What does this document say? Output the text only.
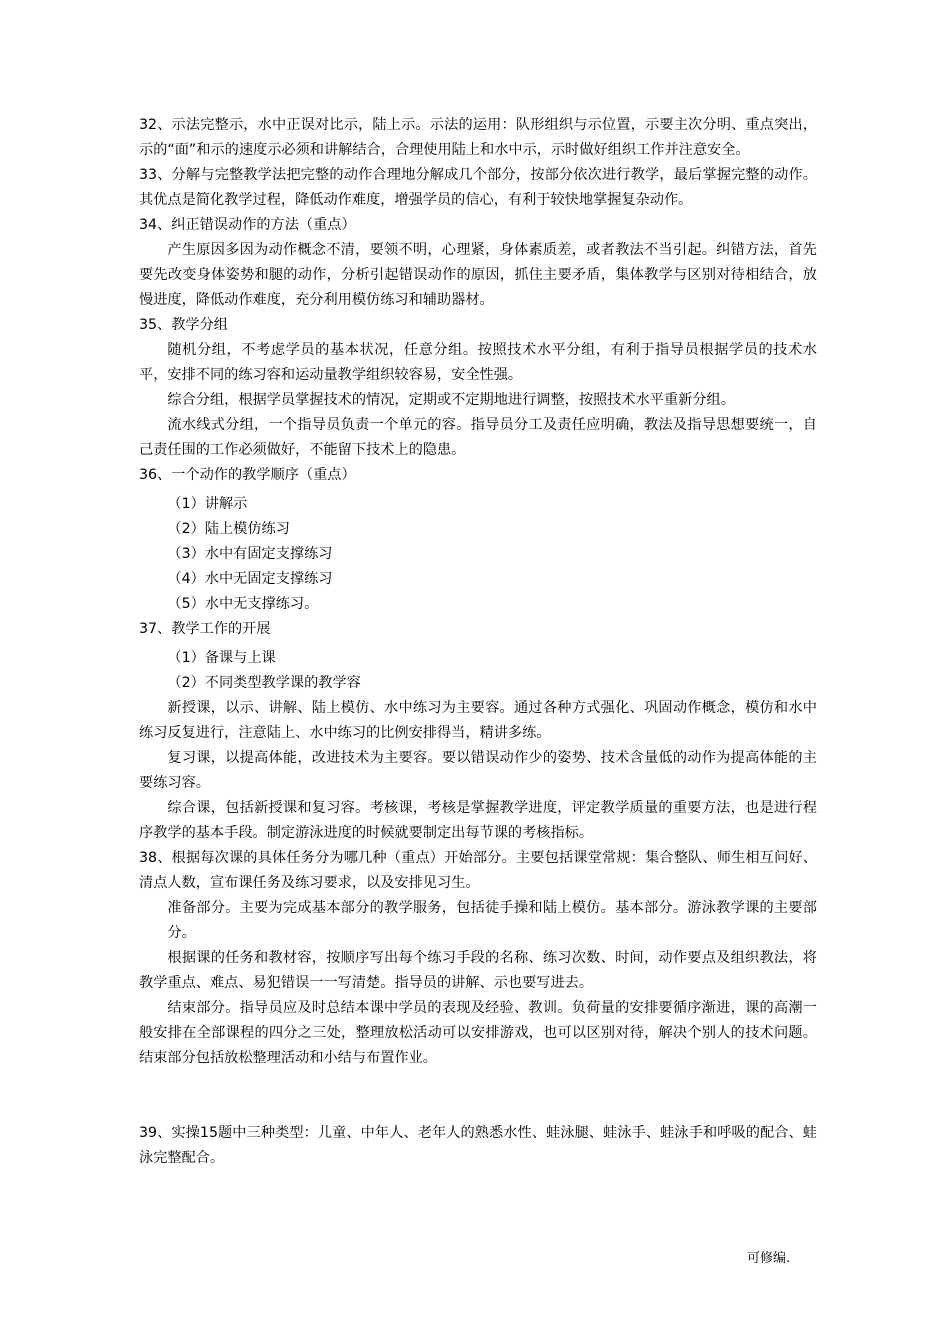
32、示法完整示，水中正误对比示，陆上示。示法的运用：队形组织与示位置，示要主次分明、重点突出，示的“面”和示的速度示必须和讲解结合，合理使用陆上和水中示，示时做好组织工作并注意安全。

33、分解与完整教学法把完整的动作合理地分解成几个部分，按部分依次进行教学，最后掌握完整的动作。其优点是简化教学过程，降低动作难度，增强学员的信心，有利于较快地掌握复杂动作。

34、纠正错误动作的方法（重点）

产生原因多因为动作概念不清，要领不明，心理紧，身体素质差，或者教法不当引起。纠错方法，首先要先改变身体姿势和腿的动作，分析引起错误动作的原因，抓住主要矛盾，集体教学与区别对待相结合，放慢进度，降低动作难度，充分利用模仿练习和辅助器材。

35、教学分组

随机分组，不考虑学员的基本状况，任意分组。按照技术水平分组，有利于指导员根据学员的技术水平，安排不同的练习容和运动量教学组织较容易，安全性强。

综合分组，根据学员掌握技术的情况，定期或不定期地进行调整，按照技术水平重新分组。

流水线式分组，一个指导员负责一个单元的容。指导员分工及责任应明确，教法及指导思想要统一，自己责任围的工作必须做好，不能留下技术上的隐患。

36、一个动作的教学顺序（重点）

（1）讲解示

（2）陆上模仿练习

（3）水中有固定支撑练习

（4）水中无固定支撑练习

（5）水中无支撑练习。

37、教学工作的开展

（1）备课与上课

（2）不同类型教学课的教学容

新授课，以示、讲解、陆上模仿、水中练习为主要容。通过各种方式强化、巩固动作概念，模仿和水中练习反复进行，注意陆上、水中练习的比例安排得当，精讲多练。

复习课，以提高体能，改进技术为主要容。要以错误动作少的姿势、技术含量低的动作为提高体能的主要练习容。

综合课，包括新授课和复习容。考核课，考核是掌握教学进度，评定教学质量的重要方法，也是进行程序教学的基本手段。制定游泳进度的时候就要制定出每节课的考核指标。

38、根据每次课的具体任务分为哪几种（重点）开始部分。主要包括课堂常规：集合整队、师生相互问好、清点人数，宣布课任务及练习要求，以及安排见习生。

准备部分。主要为完成基本部分的教学服务，包括徒手操和陆上模仿。基本部分。游泳教学课的主要部分。

根据课的任务和教材容，按顺序写出每个练习手段的名称、练习次数、时间，动作要点及组织教法，将教学重点、难点、易犯错误一一写清楚。指导员的讲解、示也要写进去。

结束部分。指导员应及时总结本课中学员的表现及经验、教训。负荷量的安排要循序渐进，课的高潮一般安排在全部课程的四分之三处，整理放松活动可以安排游戏，也可以区别对待，解决个别人的技术问题。结束部分包括放松整理活动和小结与布置作业。

39、实操15题中三种类型：儿童、中年人、老年人的熟悉水性、蛙泳腿、蛙泳手、蛙泳手和呼吸的配合、蛙泳完整配合。

可修编.
